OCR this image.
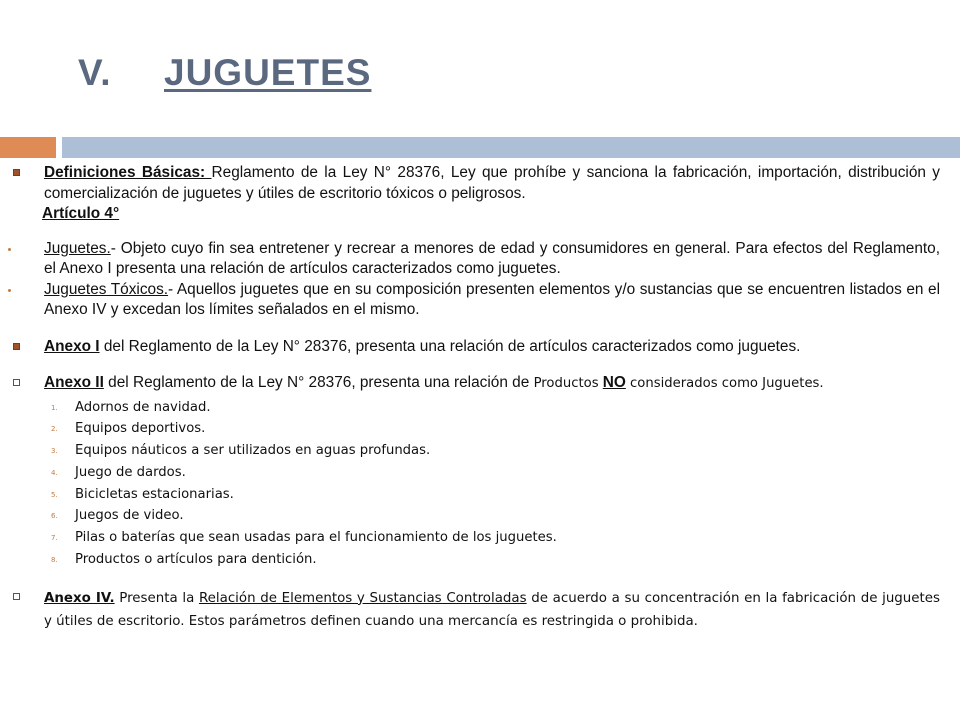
V. JUGUETES
Definiciones Básicas: Reglamento de la Ley N° 28376, Ley que prohíbe y sanciona la fabricación, importación, distribución y comercialización de juguetes y útiles de escritorio tóxicos o peligrosos.
Artículo 4°
Juguetes.- Objeto cuyo fin sea entretener y recrear a menores de edad y consumidores en general. Para efectos del Reglamento, el Anexo I presenta una relación de artículos caracterizados como juguetes.
Juguetes Tóxicos.- Aquellos juguetes que en su composición presenten elementos y/o sustancias que se encuentren listados en el Anexo IV y excedan los límites señalados en el mismo.
Anexo I del Reglamento de la Ley N° 28376, presenta una relación de artículos caracterizados como juguetes.
Anexo II del Reglamento de la Ley N° 28376, presenta una relación de Productos NO considerados como Juguetes.
1. Adornos de navidad.
2. Equipos deportivos.
3. Equipos náuticos a ser utilizados en aguas profundas.
4. Juego de dardos.
5. Bicicletas estacionarias.
6. Juegos de video.
7. Pilas o baterías que sean usadas para el funcionamiento de los juguetes.
8. Productos o artículos para dentición.
Anexo IV. Presenta la Relación de Elementos y Sustancias Controladas de acuerdo a su concentración en la fabricación de juguetes y útiles de escritorio. Estos parámetros definen cuando una mercancía es restringida o prohibida.
